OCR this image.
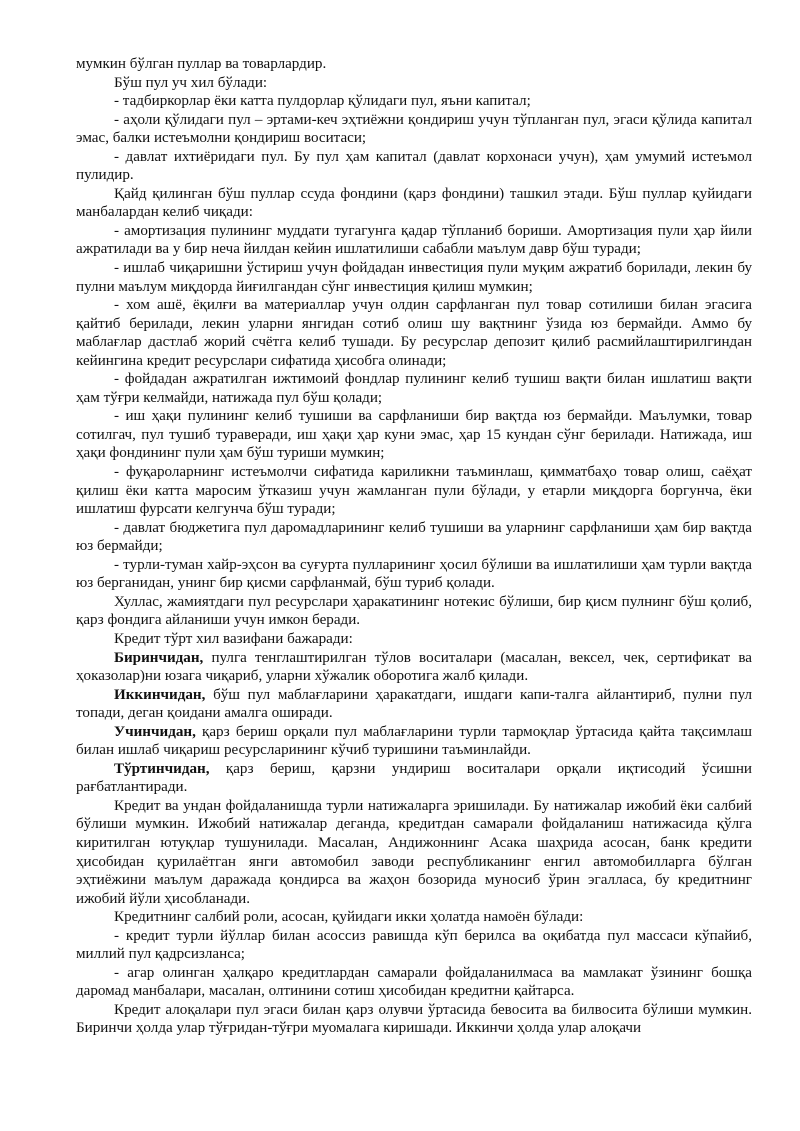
мумкин бўлган пуллар ва товарлардир.

Бўш пул уч хил бўлади:

- тадбиркорлар ёки катта пулдорлар қўлидаги пул, яъни капитал;

- аҳоли қўлидаги пул – эртами-кеч эҳтиёжни қондириш учун тўпланган пул, эгаси қўлида капитал эмас, балки истеъмолни қондириш воситаси;

- давлат ихтиёридаги пул. Бу пул ҳам капитал (давлат корхонаси учун), ҳам умумий истеъмол пулидир.

Қайд қилинган бўш пуллар ссуда фондини (қарз фондини) ташкил этади. Бўш пуллар қуйидаги манбалардан келиб чиқади:

- амортизация пулининг муддати тугагунга қадар тўпланиб бориши. Амортизация пули ҳар йили ажратилади ва у бир неча йилдан кейин ишлатилиши сабабли маълум давр бўш туради;

- ишлаб чиқаришни ўстириш учун фойдадан инвестиция пули муқим ажратиб борилади, лекин бу пулни маълум миқдорда йиғилгандан сўнг инвестиция қилиш мумкин;

- хом ашё, ёқилғи ва материаллар учун олдин сарфланган пул товар сотилиши билан эгасига қайтиб берилади, лекин уларни янгидан сотиб олиш шу вақтнинг ўзида юз бермайди. Аммо бу маблағлар дастлаб жорий счётга келиб тушади. Бу ресурслар депозит қилиб расмийлаштирилгиндан кейингина кредит ресурслари сифатида ҳисобга олинади;

- фойдадан ажратилган ижтимоий фондлар пулининг келиб тушиш вақти билан ишлатиш вақти ҳам тўғри келмайди, натижада пул бўш қолади;

- иш ҳақи пулининг келиб тушиши ва сарфланиши бир вақтда юз бермайди. Маълумки, товар сотилгач, пул тушиб тураверади, иш ҳақи ҳар куни эмас, ҳар 15 кундан сўнг берилади. Натижада, иш ҳақи фондининг пули ҳам бўш туриши мумкин;

- фуқароларнинг истеъмолчи сифатида кариликни таъминлаш, қимматбаҳо товар олиш, саёҳат қилиш ёки катта маросим ўтказиш учун жамланган пули бўлади, у етарли миқдорга боргунча, ёки ишлатиш фурсати келгунча бўш туради;

- давлат бюджетига пул даромадларининг келиб тушиши ва уларнинг сарфланиши ҳам бир вақтда юз бермайди;

- турли-туман хайр-эҳсон ва суғурта пулларининг ҳосил бўлиши ва ишлатилиши ҳам турли вақтда юз берганидан, унинг бир қисми сарфланмай, бўш туриб қолади.

Хуллас, жамиятдаги пул ресурслари ҳаракатининг нотекис бўлиши, бир қисм пулнинг бўш қолиб, қарз фондига айланиши учун имкон беради.

Кредит тўрт хил вазифани бажаради:

Биринчидан, пулга тенглаштирилган тўлов воситалари (масалан, вексел, чек, сертификат ва ҳоказолар)ни юзага чиқариб, уларни хўжалик оборотига жалб қилади.

Иккинчидан, бўш пул маблағларини ҳаракатдаги, ишдаги капи-талга айлантириб, пулни пул топади, деган қоидани амалга оширади.

Учинчидан, қарз бериш орқали пул маблағларини турли тармоқлар ўртасида қайта тақсимлаш билан ишлаб чиқариш ресурсларининг кўчиб туришини таъминлайди.

Тўртинчидан, қарз бериш, қарзни ундириш воситалари орқали иқтисодий ўсишни рағбатлантиради.

Кредит ва ундан фойдаланишда турли натижаларга эришилади. Бу натижалар ижобий ёки салбий бўлиши мумкин. Ижобий натижалар деганда, кредитдан самарали фойдаланиш натижасида қўлга киритилган ютуқлар тушунилади. Масалан, Андижоннинг Асака шаҳрида асосан, банк кредити ҳисобидан қурилаётган янги автомобил заводи республиканинг енгил автомобилларга бўлган эҳтиёжини маълум даражада қондирса ва жаҳон бозорида муносиб ўрин эгалласа, бу кредитнинг ижобий йўли ҳисобланади.

Кредитнинг салбий роли, асосан, қуйидаги икки ҳолатда намоён бўлади:

- кредит турли йўллар билан асоссиз равишда кўп берилса ва оқибатда пул массаси кўпайиб, миллий пул қадрсизланса;

- агар олинган ҳалқаро кредитлардан самарали фойдаланилмаса ва мамлакат ўзининг бошқа даромад манбалари, масалан, олтинини сотиш ҳисобидан кредитни қайтарса.

Кредит алоқалари пул эгаси билан қарз олувчи ўртасида бевосита ва билвосита бўлиши мумкин. Биринчи ҳолда улар тўғридан-тўғри муомалага киришади. Иккинчи ҳолда улар алоқачи
